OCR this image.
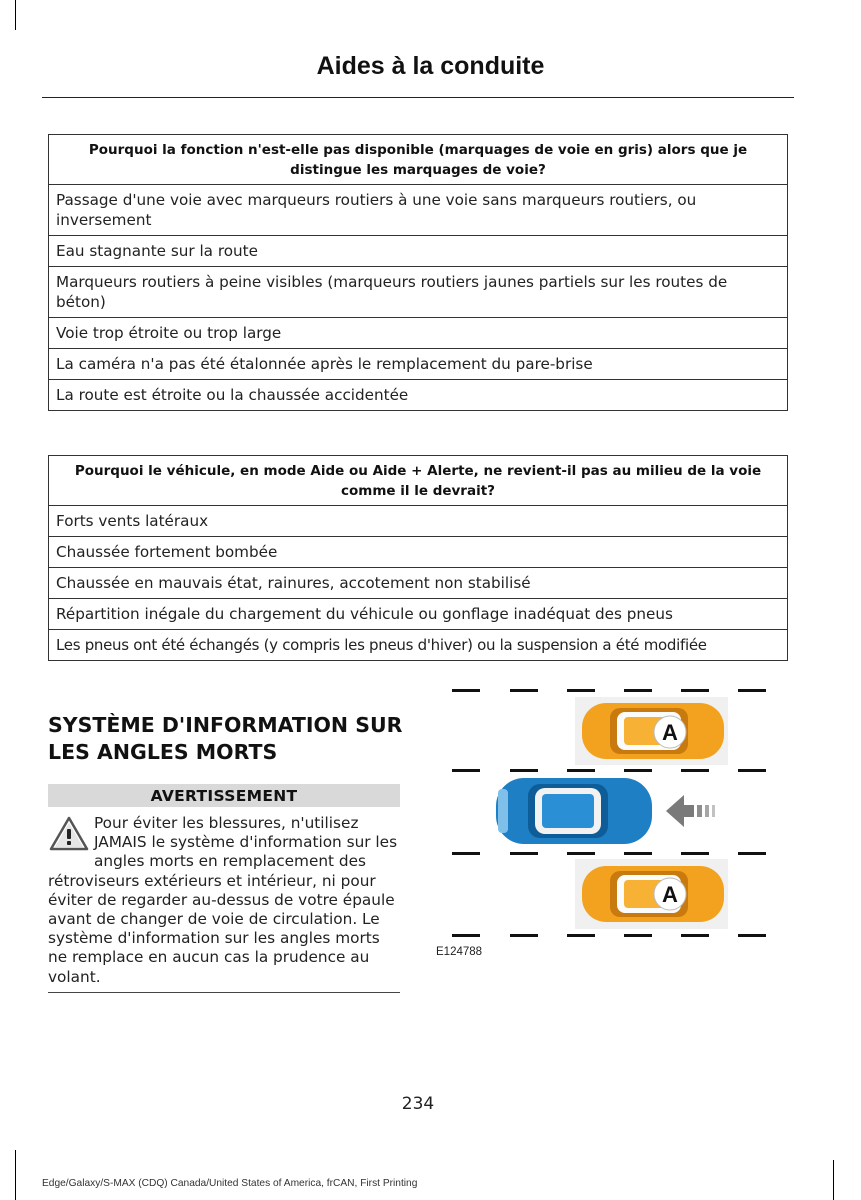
Aides à la conduite
Pourquoi la fonction n'est-elle pas disponible (marquages de voie en gris) alors que je distingue les marquages de voie?
Passage d'une voie avec marqueurs routiers à une voie sans marqueurs routiers, ou inversement
Eau stagnante sur la route
Marqueurs routiers à peine visibles (marqueurs routiers jaunes partiels sur les routes de béton)
Voie trop étroite ou trop large
La caméra n'a pas été étalonnée après le remplacement du pare-brise
La route est étroite ou la chaussée accidentée
Pourquoi le véhicule, en mode Aide ou Aide + Alerte, ne revient-il pas au milieu de la voie comme il le devrait?
Forts vents latéraux
Chaussée fortement bombée
Chaussée en mauvais état, rainures, accotement non stabilisé
Répartition inégale du chargement du véhicule ou gonflage inadéquat des pneus
Les pneus ont été échangés (y compris les pneus d'hiver) ou la suspension a été modifiée
SYSTÈME D'INFORMATION SUR LES ANGLES MORTS
AVERTISSEMENT
Pour éviter les blessures, n'utilisez JAMAIS le système d'information sur les angles morts en remplacement des rétroviseurs extérieurs et intérieur, ni pour éviter de regarder au-dessus de votre épaule avant de changer de voie de circulation. Le système d'information sur les angles morts ne remplace en aucun cas la prudence au volant.
A
A
E124788
234
Edge/Galaxy/S-MAX (CDQ) Canada/United States of America, frCAN, First Printing
